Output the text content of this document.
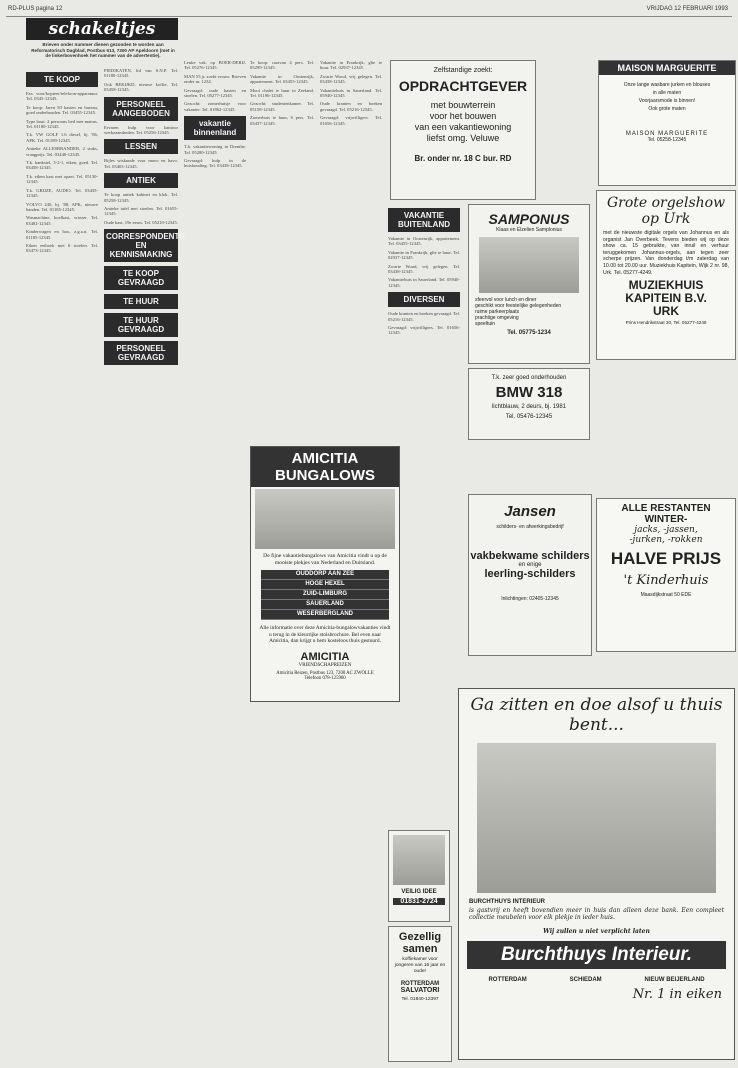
RD-PLUS pagina 12	VRIJDAG 12 FEBRUARI 1993
schakeltjes
Brieven onder nummer dienen gezonden te worden aan Reformatorisch Dagblad, Postbus 613, 7300 AP Apeldoorn (met in de linkerbovenhoek het nummer van de advertentie).
TE KOOP

Fax voor/kopieer/telefoon-apparatuur. Tel. 0345-12345.

Te koop: Jaren 50 kasten en bureau, goed onderhouden. Tel. 03455-12345.

Type hout. 2 persoons bed met matras. Tel. 01180-12345.

T.k. VW GOLF 1.6 diesel, bj. '86, APK. Tel. 01189-12345.

Antieke ALLESBRANDER, 2 stuks, vraagprijs. Tel. 03440-12345.

T.k. bankstel, 3-2-1, eiken, goed. Tel. 03458-12345.

T.k. eiken kast met opzet. Tel. 05130-12345.

T.k. GRIJZE, AUDIO. Tel. 03435-12345.

VOLVO 240, bj. '88, APK, nieuwe banden. Tel. 01185-12345.

Wasmachine, koelkast, vriezer. Tel. 03402-12345.

Kinderwagen en box, z.g.a.n. Tel. 01185-12345.

Eiken eethoek met 6 stoelen. Tel. 03473-12345.

PIEDIKATEN, lid van S.N.P. Tel. 01180-12345.

Ook BEKIJKD, nieuwe koffie. Tel. 03458-12345.

PERSONEEL AANGEBODEN

Ervaren hulp voor kantoor werkzaamheden. Tel. 05256-12345.

LESSEN

Bijles wiskunde voor mavo en havo. Tel. 03403-12345.

ANTIEK

Te koop antiek kabinet en klok. Tel. 05258-12345.

Antieke tafel met stoelen. Tel. 01655-12345.

Oude kast, 19e eeuw. Tel. 05210-12345.

CORRESPONDENTIE EN KENNISMAKING
TE KOOP GEVRAAGD
TE HUUR
TE HUUR GEVRAAGD
PERSONEEL GEVRAAGD

Leuke vak. op BOER-DERIJ. Tel. 05276-12345.

MAN 55 jr. zoekt vrouw. Brieven onder nr. 1234.

Gevraagd: oude kasten en stoelen. Tel. 05277-12345.

Gezocht: zomerhuisje voor vakantie. Tel. 01862-12345.

vakantie binnenland

T.h. vakantiewoning in Drenthe. Tel. 05280-12345.

Gevraagd: hulp in de huishouding. Tel. 03438-12345.

Te koop: caravan 4 pers. Tel. 05299-12345.

Vakantie in Oostenrijk, appartement. Tel. 03455-12345.

Mooi chalet te huur in Zeeland. Tel. 01196-12345.

Gezocht: studentenkamer. Tel. 05158-12345.

Zomerhuis te huur, 6 pers. Tel. 03437-12345.

Vakantie in Frankrijk, gîte te huur. Tel. 02937-12345.

Zwarte Woud, vrij gelegen. Tel. 03438-12345.

Vakantiehuis in Sauerland. Tel. 05940-12345.

Oude kranten en boeken gevraagd. Tel. 05216-12345.

Gevraagd: vrijwilligers. Tel. 01656-12345.

VAKANTIE BUITENLAND

Vakantie in Oostenrijk, appartement. Tel. 03455-12345.

Vakantie in Frankrijk, gîte te huur. Tel. 02937-12345.

Zwarte Woud, vrij gelegen. Tel. 03438-12345.

Vakantiehuis in Sauerland. Tel. 05940-12345.

DIVERSEN

Oude kranten en boeken gevraagd. Tel. 05216-12345.

Gevraagd: vrijwilligers. Tel. 01656-12345.

Zelfstandige zoekt:
OPDRACHTGEVER
met bouwterrein
voor het bouwen
van een vakantiewoning
liefst omg. Veluwe
Br. onder nr. 18 C bur. RD
SAMPONUS
Klaas en Elzelien Samplonius
sfeervol voor lunch en diner
geschikt voor feestelijke gelegenheden
ruime parkeerplaats
prachtige omgeving
speeltuin
Tel. 05775-1234
T.k. zeer goed onderhouden
BMW 318
lichtblauw, 2 deurs, bj. 1981
Tel. 05476-12345
Jansen
schilders- en afwerkingsbedrijf
vakbekwame schilders
en enige
leerling-schilders
Inlichtingen: 02405-12345
MAISON MARGUERITE
Onze lange wasbare jurken en blouses
in alle maten
Voorjaarsmode is binnen!
Ook grote maten
MAISON MARGUERITE
Tel. 05258-12345
Grote orgelshow op Urk
met de nieuwste digitale orgels van Johannus en als organist Jan Overbeek. Tevens bieden wij op deze show ca. 15 gebruikte, van inruil en verhuur teruggekomen Johannus-orgels, aan tegen zeer scherpe prijzen. Van donderdag t/m zaterdag van 10.00 tot 20.00 uur. Muziekhuis Kapitein, Wijk 2 nr. 98, Urk. Tel. 05277-4249.
MUZIEKHUIS
KAPITEIN B.V.
URK
Prins Hendrikstraat 30, Tel. 05277-4249
ALLE RESTANTEN
WINTER-
jacks, -jassen,
-jurken, -rokken
HALVE PRIJS
't Kinderhuis
Maasdijkstraat 50 EDE
AMICITIA
BUNGALOWS
De fijne vakantiebungalows van Amicitia vindt u op de mooiste plekjes van Nederland en Duitsland.
OUDDORP AAN ZEE
HOGE HEXEL
ZUID-LIMBURG
SAUERLAND
WESERBERGLAND
Alle informatie over deze Amicitia-bungalowvakanties vindt u terug in de kleurrijke stolsbrochure. Bel even naar Amicitia, dan krijgt u hem kosteloos thuis gestuurd.
AMICITIA
VRIENDSCHAPREIZEN
Amicitia Reizen, Postbus 123, 7200 AC ZWOLLE
Telefoon 078-125960
VEILIG IDEE
01831-2724
Gezellig
samen
koffiekamer voor jongeren van 16 jaar en ouder
ROTTERDAM
SALVATORI
Tel. 01840-12397
Ga zitten en doe alsof u thuis bent...
BURCHTHUYS INTERIEUR
is gastvrij en heeft bovendien meer in huis dan alleen deze bank. Een compleet collectie meubelen voor elk plekje in ieder huis.
Wij zullen u niet verplicht laten
Burchthuys Interieur.
ROTTERDAM	SCHIEDAM	NIEUW BEIJERLAND
Nr. 1 in eiken
